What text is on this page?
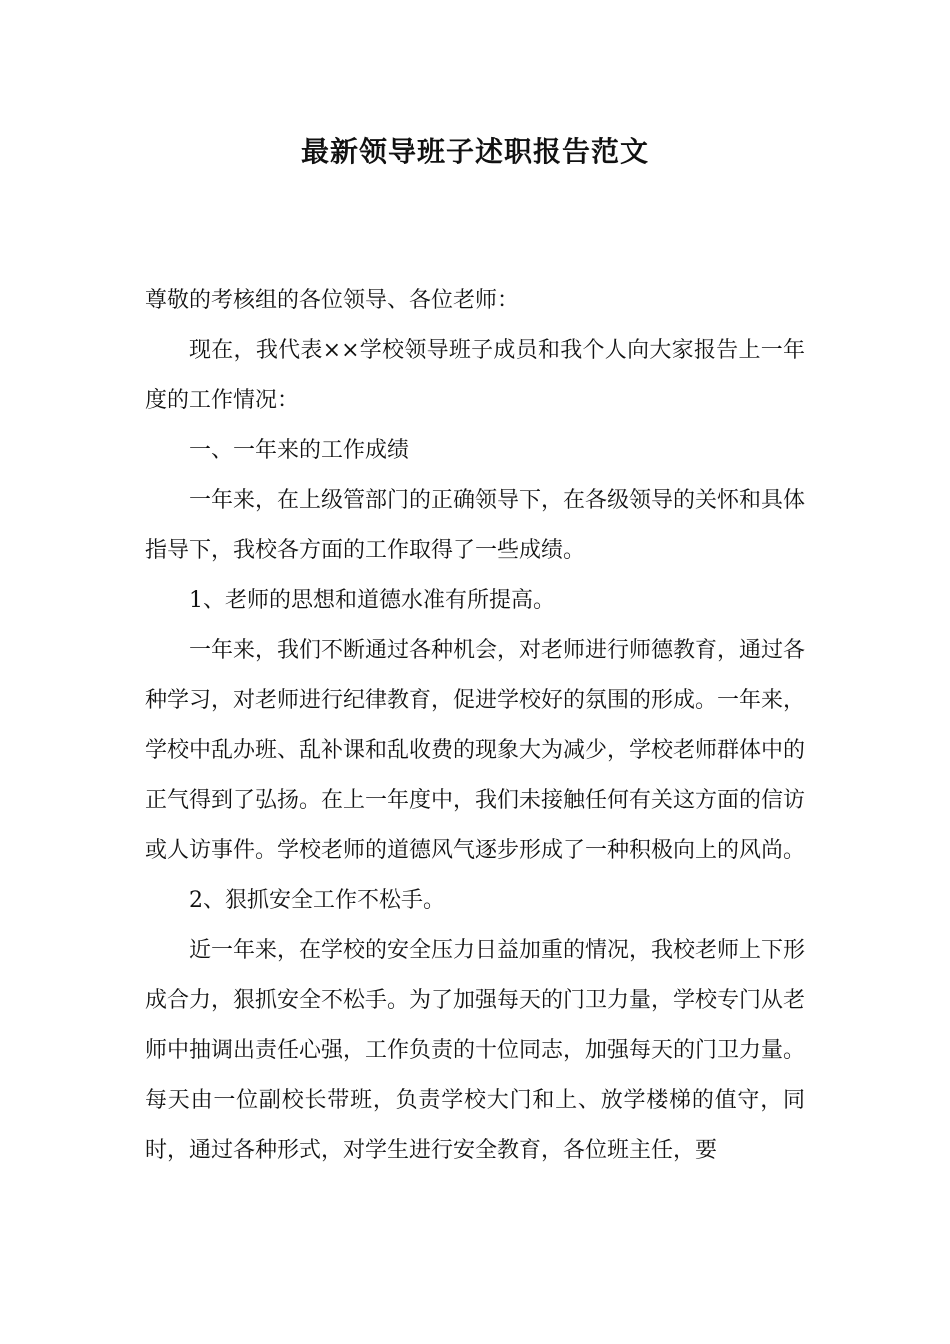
最新领导班子述职报告范文

尊敬的考核组的各位领导、各位老师：

现在，我代表××学校领导班子成员和我个人向大家报告上一年度的工作情况：

一、一年来的工作成绩

一年来，在上级管部门的正确领导下，在各级领导的关怀和具体指导下，我校各方面的工作取得了一些成绩。

1、老师的思想和道德水准有所提高。

一年来，我们不断通过各种机会，对老师进行师德教育，通过各种学习，对老师进行纪律教育，促进学校好的氛围的形成。一年来，学校中乱办班、乱补课和乱收费的现象大为减少，学校老师群体中的正气得到了弘扬。在上一年度中，我们未接触任何有关这方面的信访或人访事件。学校老师的道德风气逐步形成了一种积极向上的风尚。

2、狠抓安全工作不松手。

近一年来，在学校的安全压力日益加重的情况，我校老师上下形成合力，狠抓安全不松手。为了加强每天的门卫力量，学校专门从老师中抽调出责任心强，工作负责的十位同志，加强每天的门卫力量。每天由一位副校长带班，负责学校大门和上、放学楼梯的值守，同时，通过各种形式，对学生进行安全教育，各位班主任，要
